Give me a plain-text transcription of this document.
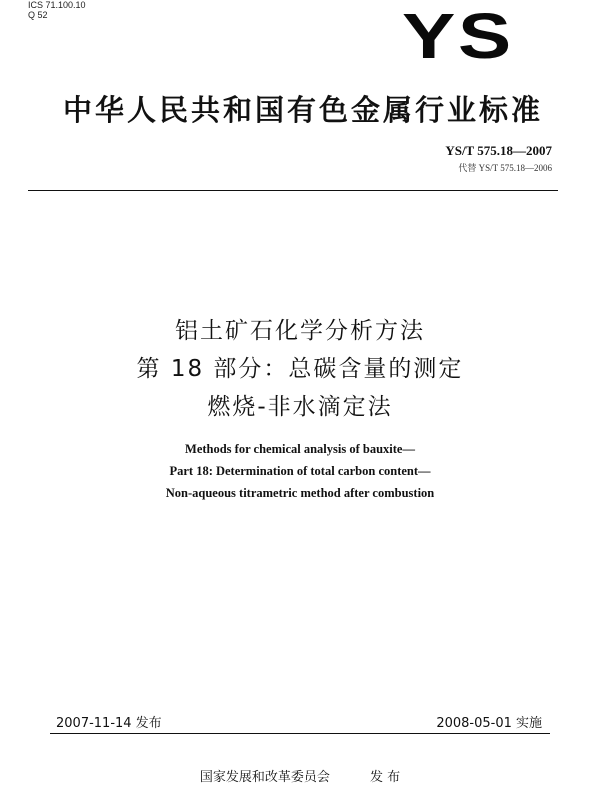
ICS 71.100.10
Q 52	YS
中华人民共和国有色金属行业标准
YS/T 575.18—2007
代替 YS/T 575.18—2006
铝土矿石化学分析方法
第 18 部分：总碳含量的测定
燃烧-非水滴定法
Methods for chemical analysis of bauxite—
Part 18: Determination of total carbon content—
Non-aqueous titrametric method after combustion
2007-11-14 发布	2008-05-01 实施
国家发展和改革委员会	发 布
